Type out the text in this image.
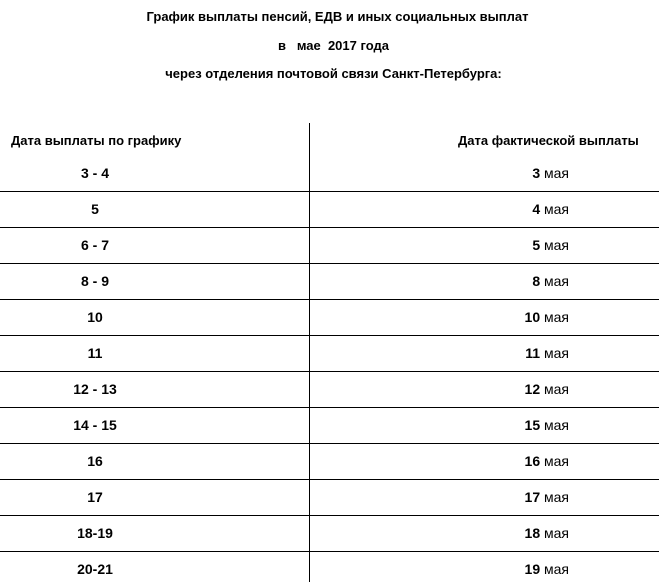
График выплаты пенсий, ЕДВ и иных социальных выплат
в   мае  2017 года
через отделения почтовой связи Санкт-Петербурга:
Дата выплаты по графику	Дата фактической выплаты
3 - 4	3 мая
5	4 мая
6 - 7	5 мая
8 - 9	8 мая
10	10 мая
11	11 мая
12 - 13	12 мая
14 - 15	15 мая
16	16 мая
17	17 мая
18-19	18 мая
20-21	19 мая
